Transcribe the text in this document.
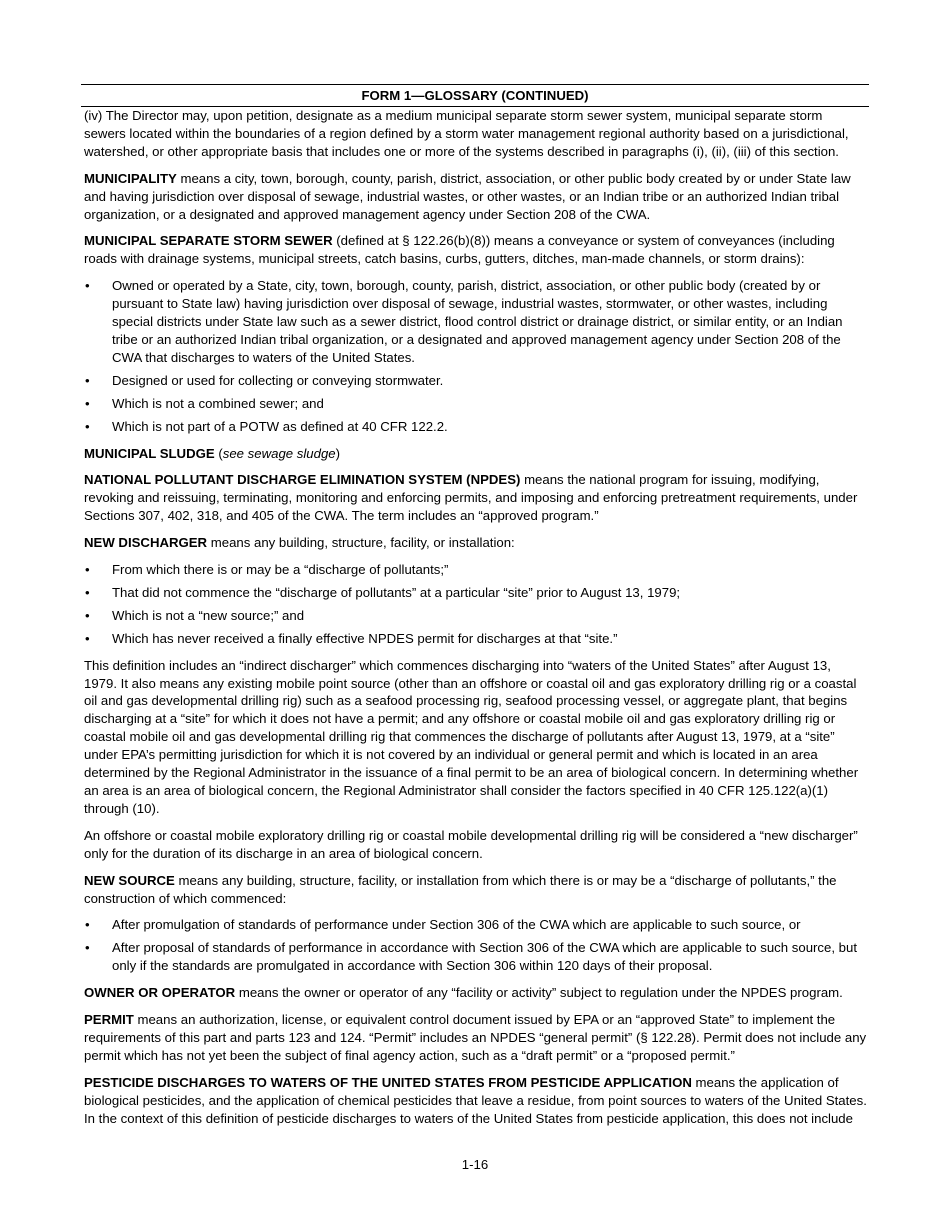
FORM 1—GLOSSARY (CONTINUED)

(iv) The Director may, upon petition, designate as a medium municipal separate storm sewer system, municipal separate storm sewers located within the boundaries of a region defined by a storm water management regional authority based on a jurisdictional, watershed, or other appropriate basis that includes one or more of the systems described in paragraphs (i), (ii), (iii) of this section.

MUNICIPALITY means a city, town, borough, county, parish, district, association, or other public body created by or under State law and having jurisdiction over disposal of sewage, industrial wastes, or other wastes, or an Indian tribe or an authorized Indian tribal organization, or a designated and approved management agency under Section 208 of the CWA.

MUNICIPAL SEPARATE STORM SEWER (defined at § 122.26(b)(8)) means a conveyance or system of conveyances (including roads with drainage systems, municipal streets, catch basins, curbs, gutters, ditches, man-made channels, or storm drains):

• Owned or operated by a State, city, town, borough, county, parish, district, association, or other public body (created by or pursuant to State law) having jurisdiction over disposal of sewage, industrial wastes, stormwater, or other wastes, including special districts under State law such as a sewer district, flood control district or drainage district, or similar entity, or an Indian tribe or an authorized Indian tribal organization, or a designated and approved management agency under Section 208 of the CWA that discharges to waters of the United States.
• Designed or used for collecting or conveying stormwater.
• Which is not a combined sewer; and
• Which is not part of a POTW as defined at 40 CFR 122.2.

MUNICIPAL SLUDGE (see sewage sludge)

NATIONAL POLLUTANT DISCHARGE ELIMINATION SYSTEM (NPDES) means the national program for issuing, modifying, revoking and reissuing, terminating, monitoring and enforcing permits, and imposing and enforcing pretreatment requirements, under Sections 307, 402, 318, and 405 of the CWA. The term includes an “approved program.”

NEW DISCHARGER means any building, structure, facility, or installation:

• From which there is or may be a “discharge of pollutants;”
• That did not commence the “discharge of pollutants” at a particular “site” prior to August 13, 1979;
• Which is not a “new source;” and
• Which has never received a finally effective NPDES permit for discharges at that “site.”

This definition includes an “indirect discharger” which commences discharging into “waters of the United States” after August 13, 1979. It also means any existing mobile point source (other than an offshore or coastal oil and gas exploratory drilling rig or a coastal oil and gas developmental drilling rig) such as a seafood processing rig, seafood processing vessel, or aggregate plant, that begins discharging at a “site” for which it does not have a permit; and any offshore or coastal mobile oil and gas exploratory drilling rig or coastal mobile oil and gas developmental drilling rig that commences the discharge of pollutants after August 13, 1979, at a “site” under EPA’s permitting jurisdiction for which it is not covered by an individual or general permit and which is located in an area determined by the Regional Administrator in the issuance of a final permit to be an area of biological concern. In determining whether an area is an area of biological concern, the Regional Administrator shall consider the factors specified in 40 CFR 125.122(a)(1) through (10).

An offshore or coastal mobile exploratory drilling rig or coastal mobile developmental drilling rig will be considered a “new discharger” only for the duration of its discharge in an area of biological concern.

NEW SOURCE means any building, structure, facility, or installation from which there is or may be a “discharge of pollutants,” the construction of which commenced:

• After promulgation of standards of performance under Section 306 of the CWA which are applicable to such source, or
• After proposal of standards of performance in accordance with Section 306 of the CWA which are applicable to such source, but only if the standards are promulgated in accordance with Section 306 within 120 days of their proposal.

OWNER OR OPERATOR means the owner or operator of any “facility or activity” subject to regulation under the NPDES program.

PERMIT means an authorization, license, or equivalent control document issued by EPA or an “approved State” to implement the requirements of this part and parts 123 and 124. “Permit” includes an NPDES “general permit” (§ 122.28). Permit does not include any permit which has not yet been the subject of final agency action, such as a “draft permit” or a “proposed permit.”

PESTICIDE DISCHARGES TO WATERS OF THE UNITED STATES FROM PESTICIDE APPLICATION means the application of biological pesticides, and the application of chemical pesticides that leave a residue, from point sources to waters of the United States. In the context of this definition of pesticide discharges to waters of the United States from pesticide application, this does not include

1-16
